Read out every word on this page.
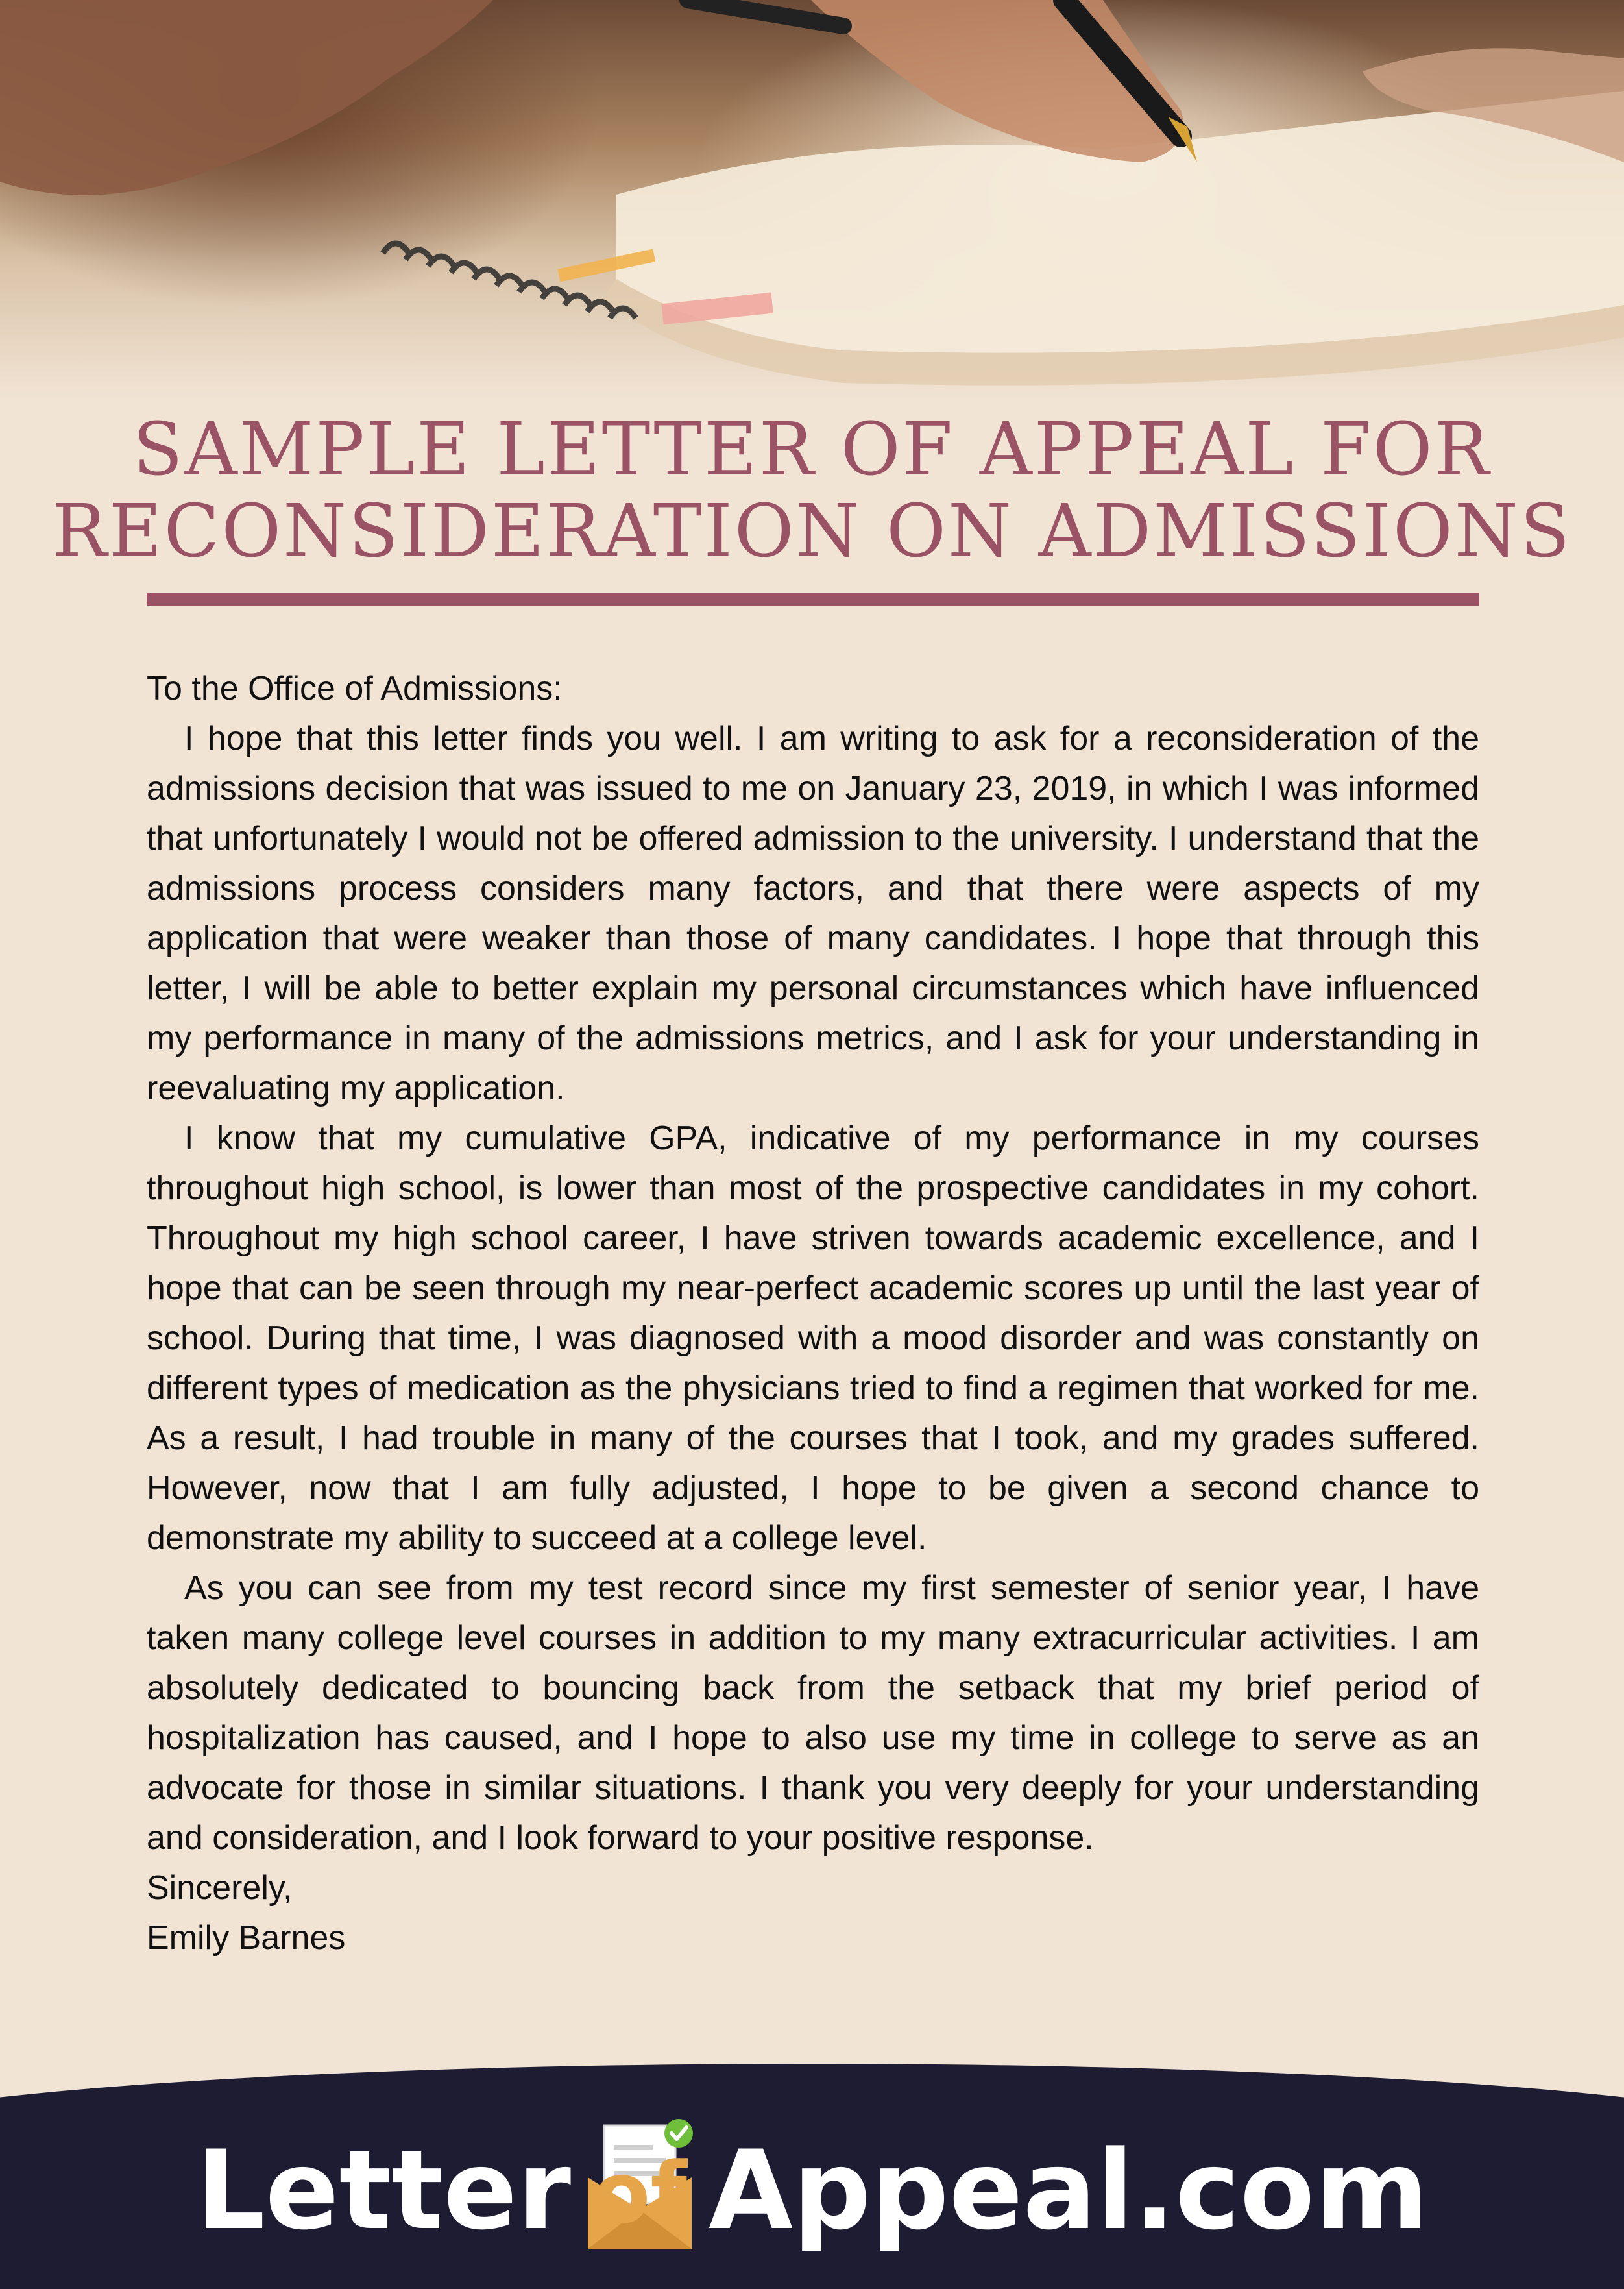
SAMPLE LETTER OF APPEAL FOR
RECONSIDERATION ON ADMISSIONS

To the Office of Admissions:

I hope that this letter finds you well. I am writing to ask for a reconsideration of the admissions decision that was issued to me on January 23, 2019, in which I was informed that unfortunately I would not be offered admission to the university. I understand that the admissions process considers many factors, and that there were aspects of my application that were weaker than those of many candidates. I hope that through this letter, I will be able to better explain my personal circumstances which have influenced my performance in many of the admissions metrics, and I ask for your understanding in reevaluating my application.

I know that my cumulative GPA, indicative of my performance in my courses throughout high school, is lower than most of the prospective candidates in my cohort. Throughout my high school career, I have striven towards academic excellence, and I hope that can be seen through my near-perfect academic scores up until the last year of school. During that time, I was diagnosed with a mood disorder and was constantly on different types of medication as the physicians tried to find a regimen that worked for me. As a result, I had trouble in many of the courses that I took, and my grades suffered. However, now that I am fully adjusted, I hope to be given a second chance to demonstrate my ability to succeed at a college level.

As you can see from my test record since my first semester of senior year, I have taken many college level courses in addition to my many extracurricular activities. I am absolutely dedicated to bouncing back from the setback that my brief period of hospitalization has caused, and I hope to also use my time in college to serve as an advocate for those in similar situations. I thank you very deeply for your understanding and consideration, and I look forward to your positive response.

Sincerely,

Emily Barnes

Letter of Appeal.com
